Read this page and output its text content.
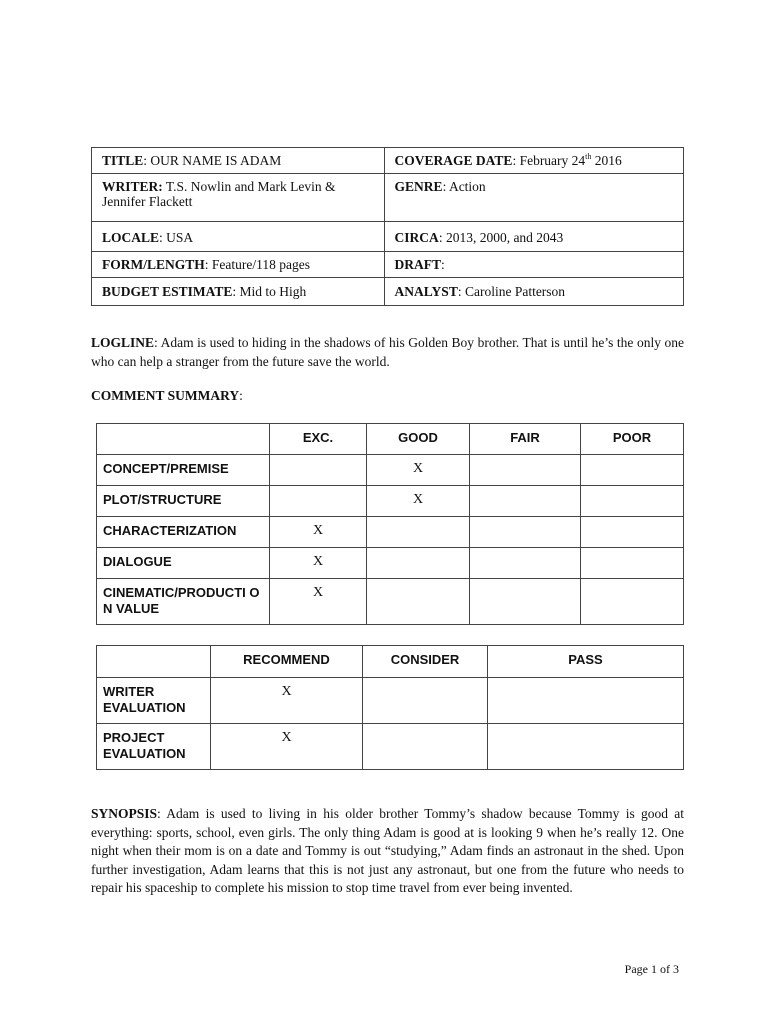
TITLE: OUR NAME IS ADAM	COVERAGE DATE: February 24th 2016
WRITER: T.S. Nowlin and Mark Levin & Jennifer Flackett	GENRE: Action
LOCALE: USA	CIRCA: 2013, 2000, and 2043
FORM/LENGTH: Feature/118 pages	DRAFT:
BUDGET ESTIMATE: Mid to High	ANALYST: Caroline Patterson
LOGLINE: Adam is used to hiding in the shadows of his Golden Boy brother. That is until he’s the only one who can help a stranger from the future save the world.
COMMENT SUMMARY:
	EXC.	GOOD	FAIR	POOR
CONCEPT/PREMISE		X		
PLOT/STRUCTURE		X		
CHARACTERIZATION	X			
DIALOGUE	X			
CINEMATIC/PRODUCTI ON VALUE	X			
	RECOMMEND	CONSIDER	PASS
WRITER EVALUATION	X		
PROJECT EVALUATION	X		
SYNOPSIS: Adam is used to living in his older brother Tommy’s shadow because Tommy is good at everything: sports, school, even girls. The only thing Adam is good at is looking 9 when he’s really 12. One night when their mom is on a date and Tommy is out “studying,” Adam finds an astronaut in the shed. Upon further investigation, Adam learns that this is not just any astronaut, but one from the future who needs to repair his spaceship to complete his mission to stop time travel from ever being invented.
Page 1 of 3
